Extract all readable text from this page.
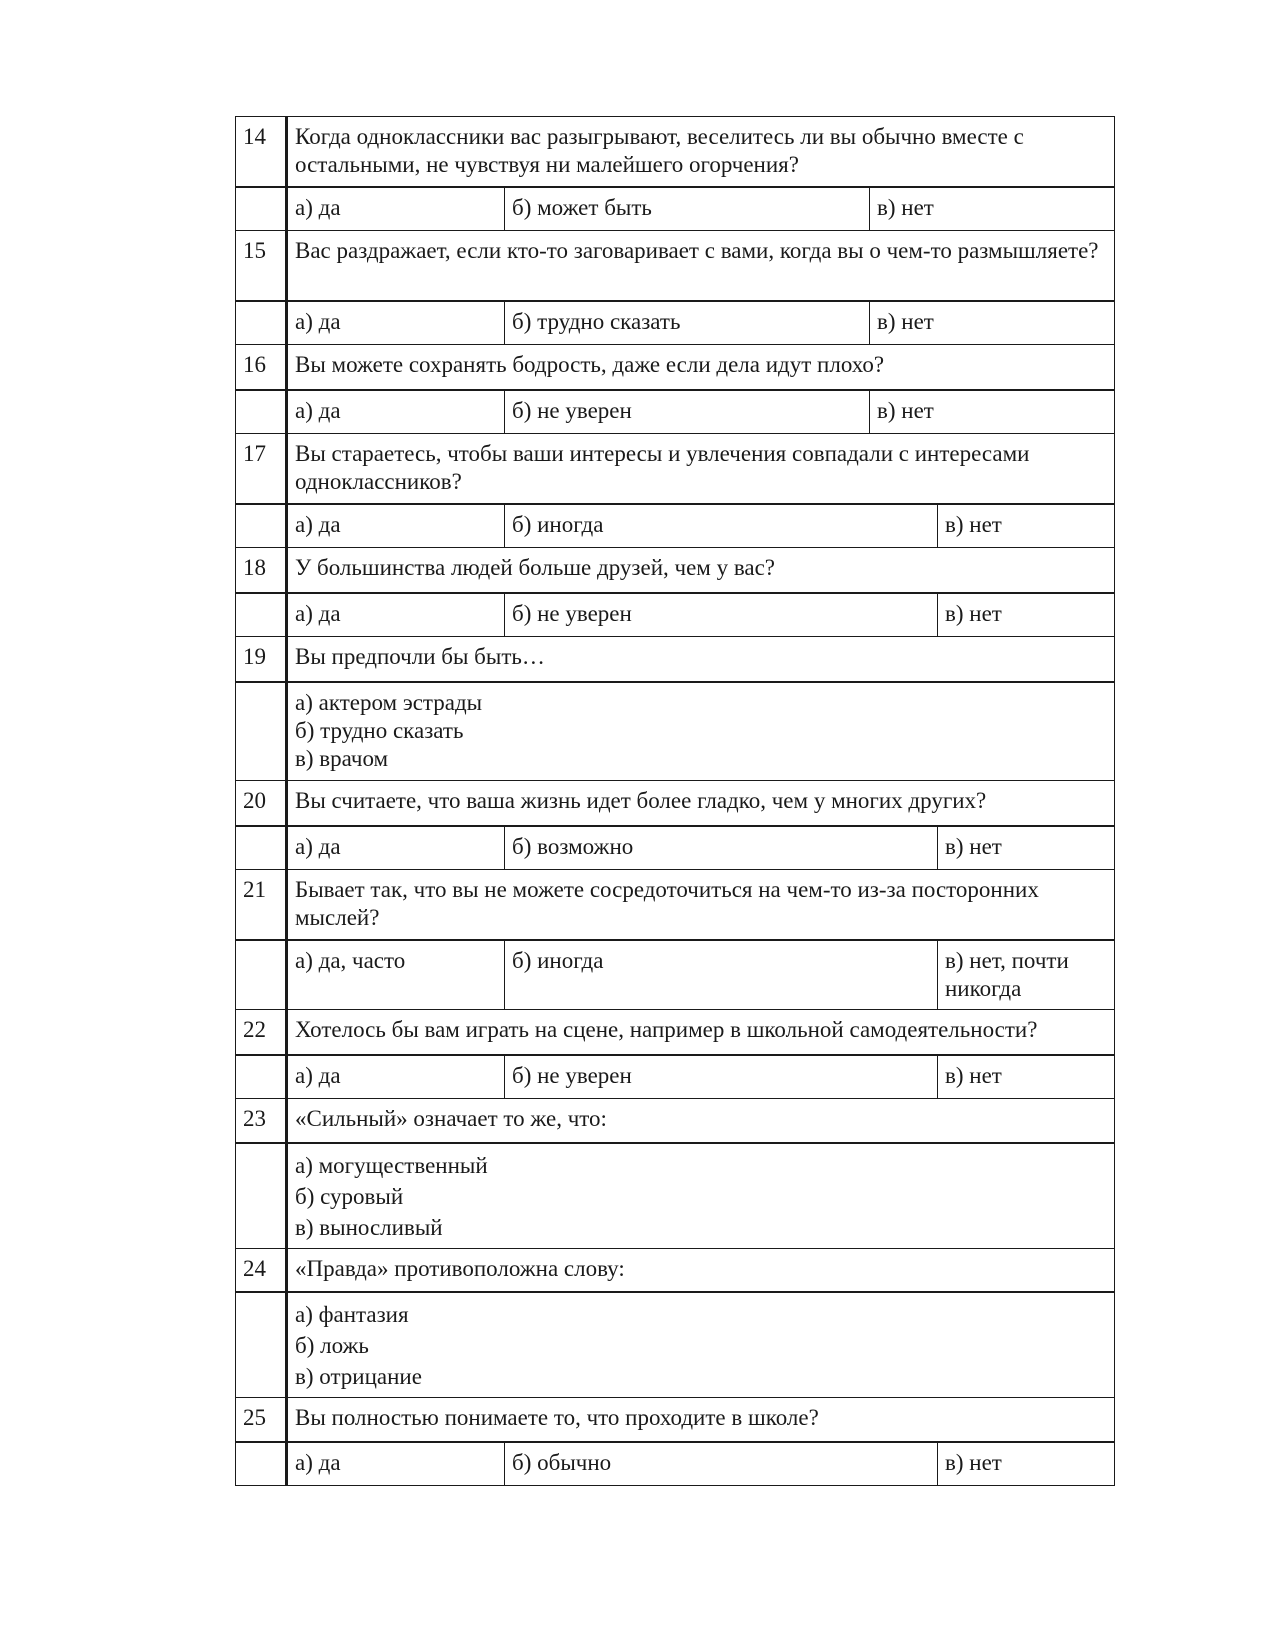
14	Когда одноклассники вас разыгрывают, веселитесь ли вы обычно вместе с остальными, не чувствуя ни малейшего огорчения?			
	а) да	б) может быть	в) нет	
15	Вас раздражает, если кто-то заговаривает с вами, когда вы о чем-то размышляете?			
	а) да	б) трудно сказать	в) нет	
16	Вы можете сохранять бодрость, даже если дела идут плохо?			
	а) да	б) не уверен	в) нет	
17	Вы стараетесь, чтобы ваши интересы и увлечения совпадали с интересами одноклассников?			
	а) да	б) иногда		в) нет
18	У большинства людей больше друзей, чем у вас?			
	а) да	б) не уверен		в) нет
19	Вы предпочли бы быть…			

	а) актером эстрады
б) трудно сказать
в) врачом			

20	Вы считаете, что ваша жизнь идет более гладко, чем у многих других?			
	а) да	б) возможно		в) нет
21	Бывает так, что вы не можете сосредоточиться на чем-то из-за посторонних мыслей?			
	а) да, часто	б) иногда		в) нет, почти никогда
22	Хотелось бы вам играть на сцене, например в школьной самодеятельности?			
	а) да	б) не уверен		в) нет
23	«Сильный» означает то же, что:			

	а) могущественный
б) суровый
в) выносливый			

24	«Правда» противоположна слову:			

	а) фантазия
б) ложь
в) отрицание			

25	Вы полностью понимаете то, что проходите в школе?			
	а) да	б) обычно		в) нет
